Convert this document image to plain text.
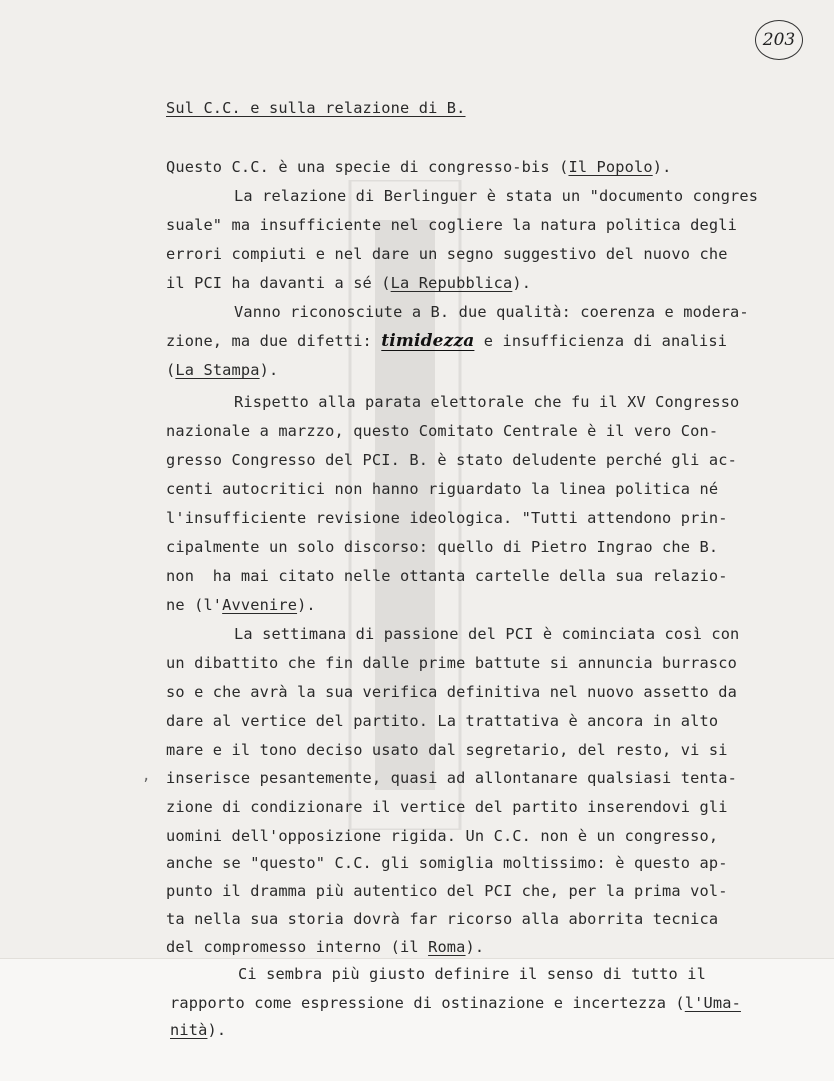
203
Sul C.C. e sulla relazione di B.
Questo C.C. è una specie di congresso-bis (Il Popolo).
La relazione di Berlinguer è stata un "documento congres
suale" ma insufficiente nel cogliere la natura politica degli
errori compiuti e nel dare un segno suggestivo del nuovo che
il PCI ha davanti a sé (La Repubblica).
Vanno riconosciute a B. due qualità: coerenza e modera-
zione, ma due difetti: timidezza e insufficienza di analisi
(La Stampa).
Rispetto alla parata elettorale che fu il XV Congresso
nazionale a marzzo, questo Comitato Centrale è il vero Con-
gresso Congresso del PCI. B. è stato deludente perché gli ac-
centi autocritici non hanno riguardato la linea politica né
l'insufficiente revisione ideologica. "Tutti attendono prin-
cipalmente un solo discorso: quello di Pietro Ingrao che B.
non  ha mai citato nelle ottanta cartelle della sua relazio-
ne (l'Avvenire).
La settimana di passione del PCI è cominciata così con
un dibattito che fin dalle prime battute si annuncia burrasco
so e che avrà la sua verifica definitiva nel nuovo assetto da
dare al vertice del partito. La trattativa è ancora in alto
mare e il tono deciso usato dal segretario, del resto, vi si
, inserisce pesantemente, quasi ad allontanare qualsiasi tenta-
zione di condizionare il vertice del partito inserendovi gli
uomini dell'opposizione rigida. Un C.C. non è un congresso,
anche se "questo" C.C. gli somiglia moltissimo: è questo ap-
punto il dramma più autentico del PCI che, per la prima vol-
ta nella sua storia dovrà far ricorso alla aborrita tecnica
del compromesso interno (il Roma).
Ci sembra più giusto definire il senso di tutto il
rapporto come espressione di ostinazione e incertezza (l'Uma-
nità).
